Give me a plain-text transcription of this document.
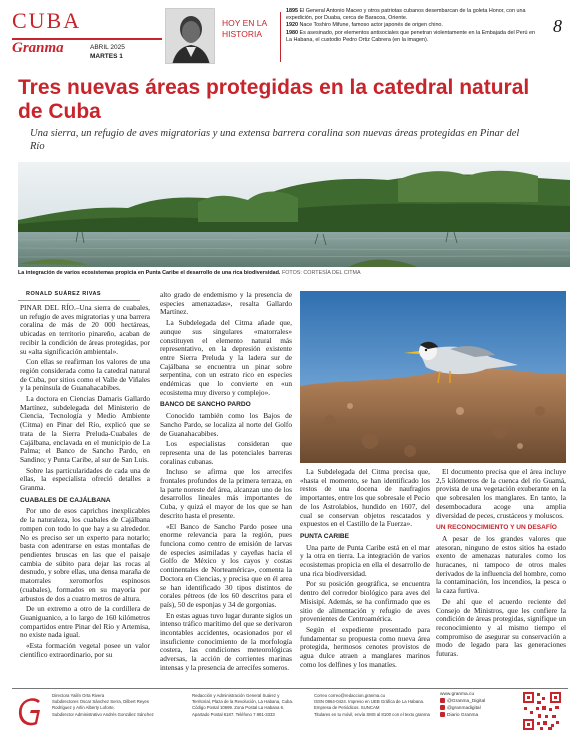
CUBA
Granma	ABRIL 2025
MARTES 1
HOY EN LA
HISTORIA
1895 El General Antonio Maceo y otros patriotas cubanos desembarcan de la goleta Honor, con una expedición, por Duaba, cerca de Baracoa, Oriente.
1920 Nace Toshiro Mifune, famoso actor japonés de origen chino.
1980 Es asesinado, por elementos antisociales que penetran violentamente en la Embajada del Perú en La Habana, el custodio Pedro Ortiz Cabrera (en la imagen).
8
Tres nuevas áreas protegidas en la catedral natural de Cuba
Una sierra, un refugio de aves migratorias y una extensa barrera coralina son nuevas áreas protegidas en Pinar del Río
La integración de varios ecosistemas propicia en Punta Caribe el desarrollo de una rica biodiversidad. FOTOS: CORTESÍA DEL CITMA
RONALD SUÁREZ RIVAS

PINAR DEL RÍO.–Una sierra de cuabales, un refugio de aves migratorias y una barrera coralina de más de 20 000 hectáreas, ubicadas en territorio pinareño, acaban de recibir la condición de áreas protegidas, por su «alta significación ambiental».

Con ellas se reafirman los valores de una región considerada como la catedral natural de Cuba, por sitios como el Valle de Viñales y la península de Guanahacabibes.

La doctora en Ciencias Damaris Gallardo Martínez, subdelegada del Ministerio de Ciencia, Tecnología y Medio Ambiente (Citma) en Pinar del Río, explicó que se trata de la Sierra Preluda-Cuabales de Cajálbana, enclavada en el municipio de La Palma; el Banco de Sancho Pardo, en Sandino; y Punta Caribe, al sur de San Luis.

Sobre las particularidades de cada una de ellas, la especialista ofreció detalles a Granma.

CUABALES DE CAJÁLBANA

Por uno de esos caprichos inexplicables de la naturaleza, los cuabales de Cajálbana rompen con todo lo que hay a su alrededor. No es preciso ser un experto para notarlo; basta con adentrarse en estas montañas de pendientes bruscas en las que el paisaje cambia de súbito para dejar las rocas al desnudo, y sobre ellas, una densa maraña de matorrales xeromorfos espinosos (cuabales), formados en su mayoría por arbustos de dos a cuatro metros de altura.

De un extremo a otro de la cordillera de Guaniguanico, a lo largo de 160 kilómetros compartidos entre Pinar del Río y Artemisa, no existe nada igual.

«Esta formación vegetal posee un valor científico extraordinario, por su

alto grado de endemismo y la presencia de especies amenazadas», resalta Gallardo Martínez.

La Subdelegada del Citma añade que, aunque sus singulares «matorrales» constituyen el elemento natural más representativo, en la depresión existente entre Sierra Preluda y la ladera sur de Cajálbana se encuentra un pinar sobre serpentina, con un estrato rico en especies endémicas que lo convierte en «un ecosistema muy diverso y complejo».

BANCO DE SANCHO PARDO

Conocido también como los Bajos de Sancho Pardo, se localiza al norte del Golfo de Guanahacabibes.

Los especialistas consideran que representa una de las potenciales barreras coralinas cubanas.

Incluso se afirma que los arrecifes frontales profundos de la primera terraza, en la parte noreste del área, alcanzan uno de los desarrollos lineales más importantes de Cuba, y quizá el mayor de los que se han descrito hasta el presente.

«El Banco de Sancho Pardo posee una enorme relevancia para la región, pues funciona como centro de emisión de larvas de especies asimiladas y cayeñas hacia el Golfo de México y los cayos y costas continentales de Norteamérica», comenta la Doctora en Ciencias, y precisa que en él area se han identificado 30 tipos distintos de corales pétreos (de los 60 descritos para el país), 50 de esponjas y 34 de gorgonias.

En estas aguas tuvo lugar durante siglos un intenso tráfico marítimo del que se derivaron incontables accidentes, ocasionados por el insuficiente conocimiento de la morfología costera, las condiciones meteorológicas adversas, la acción de corrientes marinas intensas y la presencia de arrecifes someros.

La Subdelegada del Citma precisa que, «hasta el momento, se han identificado los restos de una docena de naufragios importantes, entre los que sobresale el Pecio de los Astrolabios, hundido en 1607, del cual se conservan objetos rescatados y expuestos en el Castillo de la Fuerza».

PUNTA CARIBE

Una parte de Punta Caribe está en el mar y la otra en tierra. La integración de varios ecosistemas propicia en ella el desarrollo de una rica biodiversidad.

Por su posición geográfica, se encuentra dentro del corredor biológico para aves del Misisipí. Además, se ha confirmado que es sitio de alimentación y refugio de aves provenientes de Centroamérica.

Según el expediente presentado para fundamentar su propuesta como nueva área protegida, hermosos cenotes provistos de agua dulce atraen a manglares marinos como los delfines y los manatíes.

El documento precisa que el área incluye 2,5 kilómetros de la cuenca del río Guamá, provista de una vegetación exuberante en la que sobresalen los manglares. En tanto, la desembocadura acoge una amplia diversidad de peces, crustáceos y moluscos.

UN RECONOCIMIENTO Y UN DESAFÍO

A pesar de los grandes valores que atesoran, ninguno de estos sitios ha estado exento de amenazas naturales como los huracanes, ni tampoco de otros males derivados de la influencia del hombre, como la contaminación, los incendios, la pesca o la caza furtiva.

De ahí que el acuerdo reciente del Consejo de Ministros, que les confiere la condición de áreas protegidas, signifique un reconocimiento y al mismo tiempo el compromiso de asegurar su conservación a modo de legado para las generaciones futuras.

Directora Yailín Orta Rivera
Subdirectores Oscar Sánchez Serra, Dilbert Reyes
Rodríguez y Arlin Alberty Loforte.
Subdirector Administrativo Andrés González Sánchez
Redacción y Administración General Suárez y
Territorial, Plaza de la Revolución, La Habana, Cuba.
Código Postal 10699. Zona Postal La Habana 6.
Apartado Postal 6187. Teléfono 7 881-3333
Correo correo@redaccion.granma.cu
ISSN 0864-0424. Impreso en UEB Gráfica de La Habana.
Empresa de Periódicos. SUNCAM
Titulares en tu móvil, envía SMS al 8100 con el texto granma
www.granma.cu
@Granma_Digital
@granmadigital
Diario Granma
